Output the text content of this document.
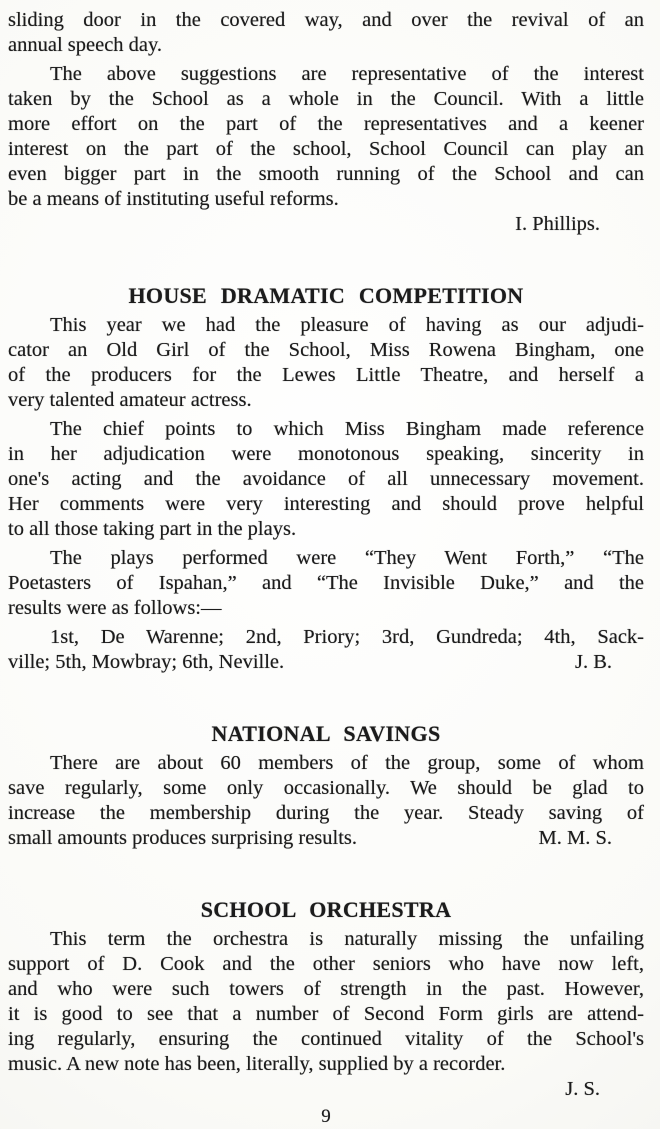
sliding door in the covered way, and over the revival of an
annual speech day.
The above suggestions are representative of the interest
taken by the School as a whole in the Council. With a little
more effort on the part of the representatives and a keener
interest on the part of the school, School Council can play an
even bigger part in the smooth running of the School and can
be a means of instituting useful reforms.
I. Phillips.
HOUSE DRAMATIC COMPETITION
This year we had the pleasure of having as our adjudi-
cator an Old Girl of the School, Miss Rowena Bingham, one
of the producers for the Lewes Little Theatre, and herself a
very talented amateur actress.
The chief points to which Miss Bingham made reference
in her adjudication were monotonous speaking, sincerity in
one's acting and the avoidance of all unnecessary movement.
Her comments were very interesting and should prove helpful
to all those taking part in the plays.
The plays performed were “They Went Forth,” “The
Poetasters of Ispahan,” and “The Invisible Duke,” and the
results were as follows:—
1st, De Warenne; 2nd, Priory; 3rd, Gundreda; 4th, Sack-
ville; 5th, Mowbray; 6th, Neville.	J. B.
NATIONAL SAVINGS
There are about 60 members of the group, some of whom
save regularly, some only occasionally. We should be glad to
increase the membership during the year. Steady saving of
small amounts produces surprising results.	M. M. S.
SCHOOL ORCHESTRA
This term the orchestra is naturally missing the unfailing
support of D. Cook and the other seniors who have now left,
and who were such towers of strength in the past. However,
it is good to see that a number of Second Form girls are attend-
ing regularly, ensuring the continued vitality of the School's
music. A new note has been, literally, supplied by a recorder.
J. S.
9
